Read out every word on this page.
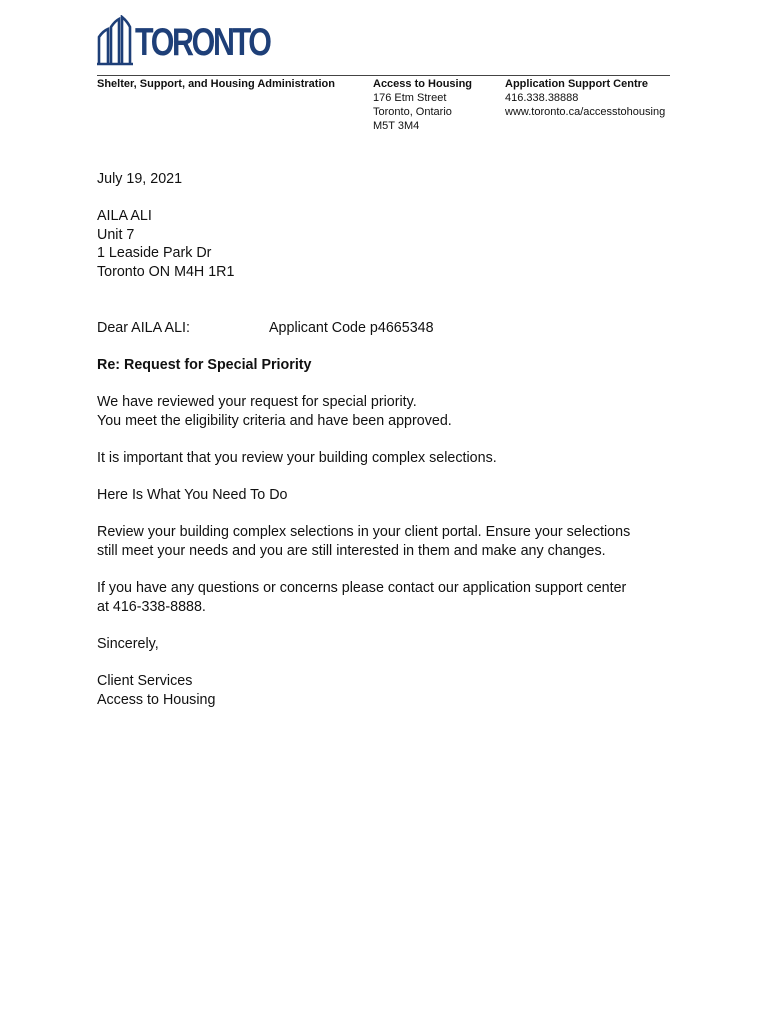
TORONTO
Shelter, Support, and Housing Administration	Access to Housing
176 Etm Street
Toronto, Ontario
M5T 3M4
Application Support Centre
416.338.38888
www.toronto.ca/accesstohousing
July 19, 2021
AILA ALI
Unit 7
1 Leaside Park Dr
Toronto ON M4H 1R1
Dear AILA ALI:	Applicant Code p4665348
Re: Request for Special Priority
We have reviewed your request for special priority.
You meet the eligibility criteria and have been approved.
It is important that you review your building complex selections.
Here Is What You Need To Do
Review your building complex selections in your client portal. Ensure your selections
still meet your needs and you are still interested in them and make any changes.
If you have any questions or concerns please contact our application support center
at 416-338-8888.
Sincerely,
Client Services
Access to Housing
